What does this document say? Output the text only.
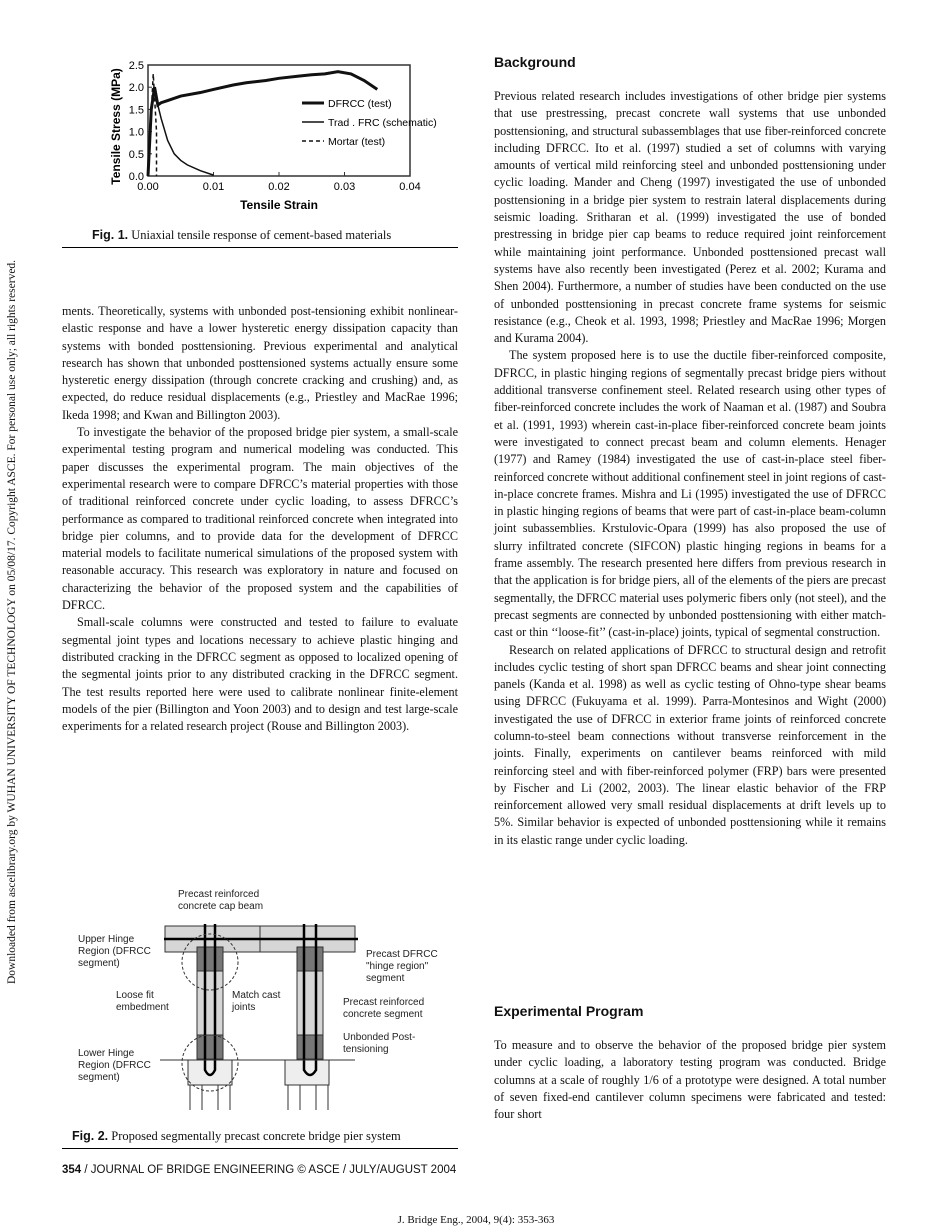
Downloaded from ascelibrary.org by WUHAN UNIVERSITY OF TECHNOLOGY on 05/08/17. Copyright ASCE. For personal use only; all rights reserved.
0.00	0.01	0.02	0.03	0.04
0.0
0.5
1.0
1.5
2.0
2.5
Tensile Strain
Tensile Stress (MPa)	DFRCC (test)
Trad . FRC (schematic)
Mortar (test)
Fig. 1. Uniaxial tensile response of cement-based materials

ments. Theoretically, systems with unbonded post-tensioning exhibit nonlinear-elastic response and have a lower hysteretic energy dissipation capacity than systems with bonded posttensioning. Previous experimental and analytical research has shown that unbonded posttensioned systems actually ensure some hysteretic energy dissipation (through concrete cracking and crushing) and, as expected, do reduce residual displacements (e.g., Priestley and MacRae 1996; Ikeda 1998; and Kwan and Billington 2003).

To investigate the behavior of the proposed bridge pier system, a small-scale experimental testing program and numerical modeling was conducted. This paper discusses the experimental program. The main objectives of the experimental research were to compare DFRCC’s material properties with those of traditional reinforced concrete under cyclic loading, to assess DFRCC’s performance as compared to traditional reinforced concrete when integrated into bridge pier columns, and to provide data for the development of DFRCC material models to facilitate numerical simulations of the proposed system with reasonable accuracy. This research was exploratory in nature and focused on characterizing the behavior of the proposed system and the capabilities of DFRCC.

Small-scale columns were constructed and tested to failure to evaluate segmental joint types and locations necessary to achieve plastic hinging and distributed cracking in the DFRCC segment as opposed to localized opening of the segmental joints prior to any distributed cracking in the DFRCC segment. The test results reported here were used to calibrate nonlinear finite-element models of the pier (Billington and Yoon 2003) and to design and test large-scale experiments for a related research project (Rouse and Billington 2003).

Precast reinforced
concrete cap beam
Upper Hinge
Region (DFRCC
segment)
Precast DFRCC
"hinge region"
segment
Match cast
joints
Loose fit
embedment	Precast reinforced
concrete segment
Unbonded Post-
tensioning
Lower Hinge
Region (DFRCC
segment)
Fig. 2. Proposed segmentally precast concrete bridge pier system
Background

Previous related research includes investigations of other bridge pier systems that use prestressing, precast concrete wall systems that use unbonded posttensioning, and structural subassemblages that use fiber-reinforced concrete including DFRCC. Ito et al. (1997) studied a set of columns with varying amounts of vertical mild reinforcing steel and unbonded posttensioning under cyclic loading. Mander and Cheng (1997) investigated the use of unbonded posttensioning in a bridge pier system to restrain lateral displacements during seismic loading. Sritharan et al. (1999) investigated the use of bonded prestressing in bridge pier cap beams to reduce required joint reinforcement while maintaining joint performance. Unbonded posttensioned precast wall systems have also recently been investigated (Perez et al. 2002; Kurama and Shen 2004). Furthermore, a number of studies have been conducted on the use of unbonded posttensioning in precast concrete frame systems for seismic resistance (e.g., Cheok et al. 1993, 1998; Priestley and MacRae 1996; Morgen and Kurama 2004).

The system proposed here is to use the ductile fiber-reinforced composite, DFRCC, in plastic hinging regions of segmentally precast bridge piers without additional transverse confinement steel. Related research using other types of fiber-reinforced concrete includes the work of Naaman et al. (1987) and Soubra et al. (1991, 1993) wherein cast-in-place fiber-reinforced concrete beam joints were investigated to connect precast beam and column elements. Henager (1977) and Ramey (1984) investigated the use of cast-in-place steel fiber-reinforced concrete without additional confinement steel in joint regions of cast-in-place concrete frames. Mishra and Li (1995) investigated the use of DFRCC in plastic hinging regions of beams that were part of cast-in-place beam-column joint subassemblies. Krstulovic-Opara (1999) has also proposed the use of slurry infiltrated concrete (SIFCON) plastic hinging regions in beams for a frame assembly. The research presented here differs from previous research in that the application is for bridge piers, all of the elements of the piers are precast segmentally, the DFRCC material uses polymeric fibers only (not steel), and the precast segments are connected by unbonded posttensioning with either match-cast or thin ‘‘loose-fit’’ (cast-in-place) joints, typical of segmental construction.

Research on related applications of DFRCC to structural design and retrofit includes cyclic testing of short span DFRCC beams and shear joint connecting panels (Kanda et al. 1998) as well as cyclic testing of Ohno-type shear beams using DFRCC (Fukuyama et al. 1999). Parra-Montesinos and Wight (2000) investigated the use of DFRCC in exterior frame joints of reinforced concrete column-to-steel beam connections without transverse reinforcement in the joints. Finally, experiments on cantilever beams reinforced with mild reinforcing steel and with fiber-reinforced polymer (FRP) bars were presented by Fischer and Li (2002, 2003). The linear elastic behavior of the FRP reinforcement allowed very small residual displacements at drift levels up to 5%. Similar behavior is expected of unbonded posttensioning while it remains in its elastic range under cyclic loading.

Experimental Program

To measure and to observe the behavior of the proposed bridge pier system under cyclic loading, a laboratory testing program was conducted. Bridge columns at a scale of roughly 1/6 of a prototype were designed. A total number of seven fixed-end cantilever column specimens were fabricated and tested: four short

354 / JOURNAL OF BRIDGE ENGINEERING © ASCE / JULY/AUGUST 2004
J. Bridge Eng., 2004, 9(4): 353-363
